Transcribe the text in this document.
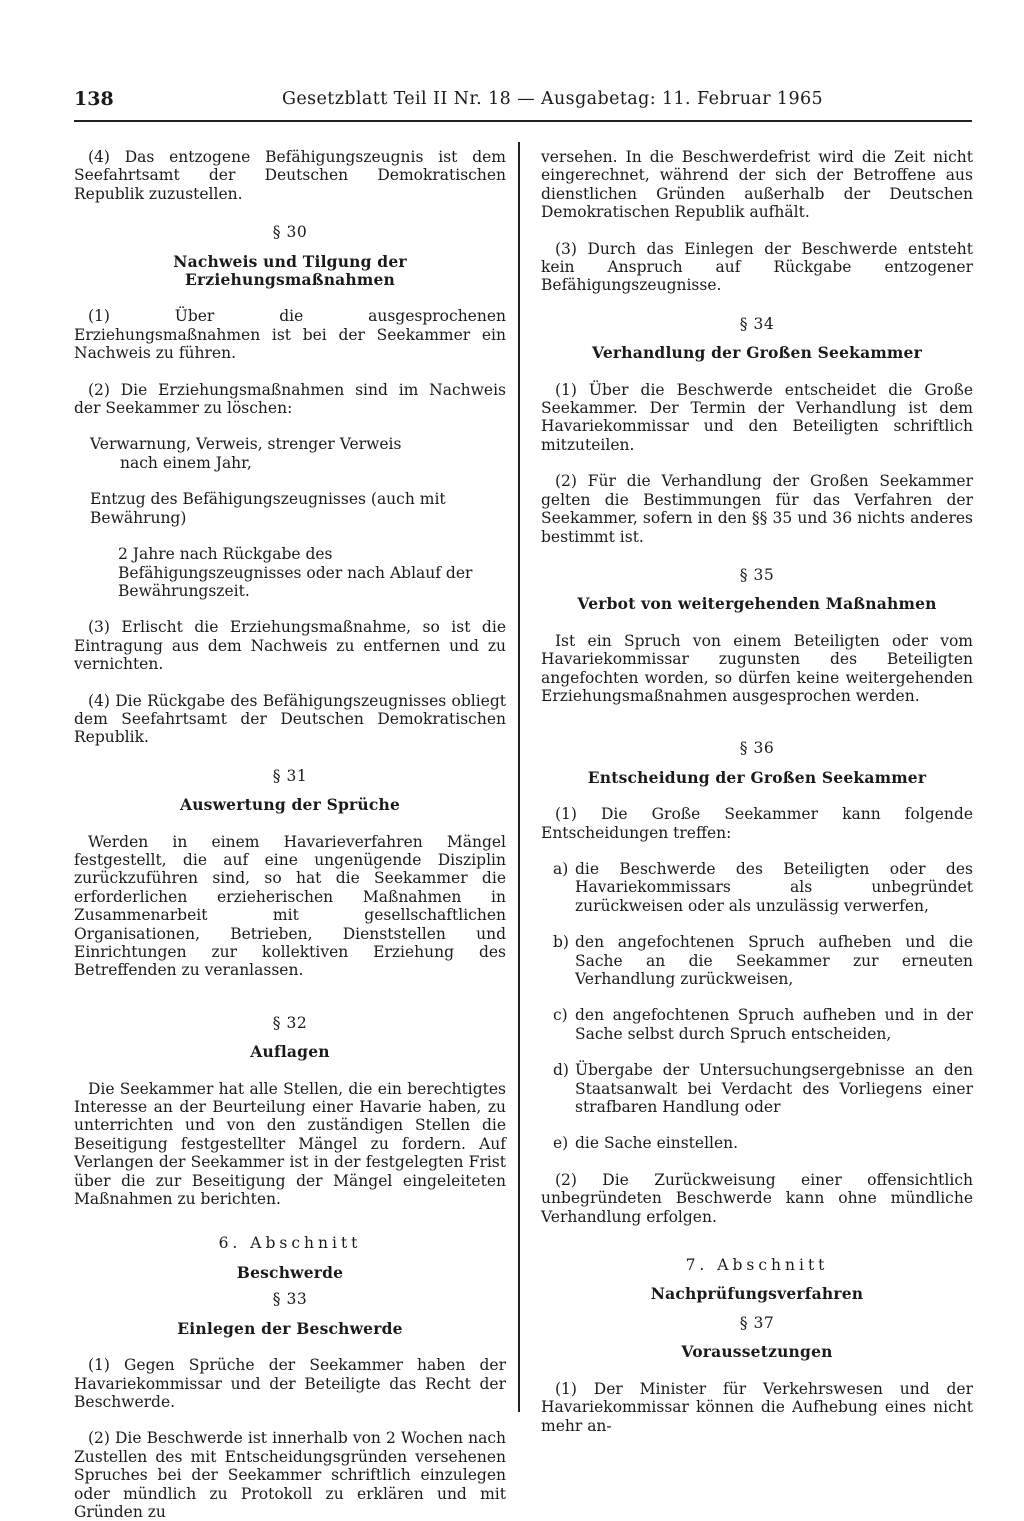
138	Gesetzblatt Teil II Nr. 18 — Ausgabetag: 11. Februar 1965

(4) Das entzogene Befähigungszeugnis ist dem Seefahrtsamt der Deutschen Demokratischen Republik zuzustellen.

§ 30

Nachweis und Tilgung der Erziehungsmaßnahmen

(1) Über die ausgesprochenen Erziehungsmaßnahmen ist bei der Seekammer ein Nachweis zu führen.

(2) Die Erziehungsmaßnahmen sind im Nachweis der Seekammer zu löschen:

Verwarnung, Verweis, strenger Verweis

nach einem Jahr,

Entzug des Befähigungszeugnisses (auch mit Bewährung)

2 Jahre nach Rückgabe des Befähigungszeugnisses oder nach Ablauf der Bewährungszeit.

(3) Erlischt die Erziehungsmaßnahme, so ist die Eintragung aus dem Nachweis zu entfernen und zu vernichten.

(4) Die Rückgabe des Befähigungszeugnisses obliegt dem Seefahrtsamt der Deutschen Demokratischen Republik.

§ 31

Auswertung der Sprüche

Werden in einem Havarieverfahren Mängel festgestellt, die auf eine ungenügende Disziplin zurückzuführen sind, so hat die Seekammer die erforderlichen erzieherischen Maßnahmen in Zusammenarbeit mit gesellschaftlichen Organisationen, Betrieben, Dienststellen und Einrichtungen zur kollektiven Erziehung des Betreffenden zu veranlassen.

§ 32

Auflagen

Die Seekammer hat alle Stellen, die ein berechtigtes Interesse an der Beurteilung einer Havarie haben, zu unterrichten und von den zuständigen Stellen die Beseitigung festgestellter Mängel zu fordern. Auf Verlangen der Seekammer ist in der festgelegten Frist über die zur Beseitigung der Mängel eingeleiteten Maßnahmen zu berichten.

6. Abschnitt

Beschwerde

§ 33

Einlegen der Beschwerde

(1) Gegen Sprüche der Seekammer haben der Havariekommissar und der Beteiligte das Recht der Beschwerde.

(2) Die Beschwerde ist innerhalb von 2 Wochen nach Zustellen des mit Entscheidungsgründen versehenen Spruches bei der Seekammer schriftlich einzulegen oder mündlich zu Protokoll zu erklären und mit Gründen zu

versehen. In die Beschwerdefrist wird die Zeit nicht eingerechnet, während der sich der Betroffene aus dienstlichen Gründen außerhalb der Deutschen Demokratischen Republik aufhält.

(3) Durch das Einlegen der Beschwerde entsteht kein Anspruch auf Rückgabe entzogener Befähigungszeugnisse.

§ 34

Verhandlung der Großen Seekammer

(1) Über die Beschwerde entscheidet die Große Seekammer. Der Termin der Verhandlung ist dem Havariekommissar und den Beteiligten schriftlich mitzuteilen.

(2) Für die Verhandlung der Großen Seekammer gelten die Bestimmungen für das Verfahren der Seekammer, sofern in den §§ 35 und 36 nichts anderes bestimmt ist.

§ 35

Verbot von weitergehenden Maßnahmen

Ist ein Spruch von einem Beteiligten oder vom Havariekommissar zugunsten des Beteiligten angefochten worden, so dürfen keine weitergehenden Erziehungsmaßnahmen ausgesprochen werden.

§ 36

Entscheidung der Großen Seekammer

(1) Die Große Seekammer kann folgende Entscheidungen treffen:

a) die Beschwerde des Beteiligten oder des Havariekommissars als unbegründet zurückweisen oder als unzulässig verwerfen,

b) den angefochtenen Spruch aufheben und die Sache an die Seekammer zur erneuten Verhandlung zurückweisen,

c) den angefochtenen Spruch aufheben und in der Sache selbst durch Spruch entscheiden,

d) Übergabe der Untersuchungsergebnisse an den Staatsanwalt bei Verdacht des Vorliegens einer strafbaren Handlung oder

e) die Sache einstellen.

(2) Die Zurückweisung einer offensichtlich unbegründeten Beschwerde kann ohne mündliche Verhandlung erfolgen.

7. Abschnitt

Nachprüfungsverfahren

§ 37

Voraussetzungen

(1) Der Minister für Verkehrswesen und der Havariekommissar können die Aufhebung eines nicht mehr an-
